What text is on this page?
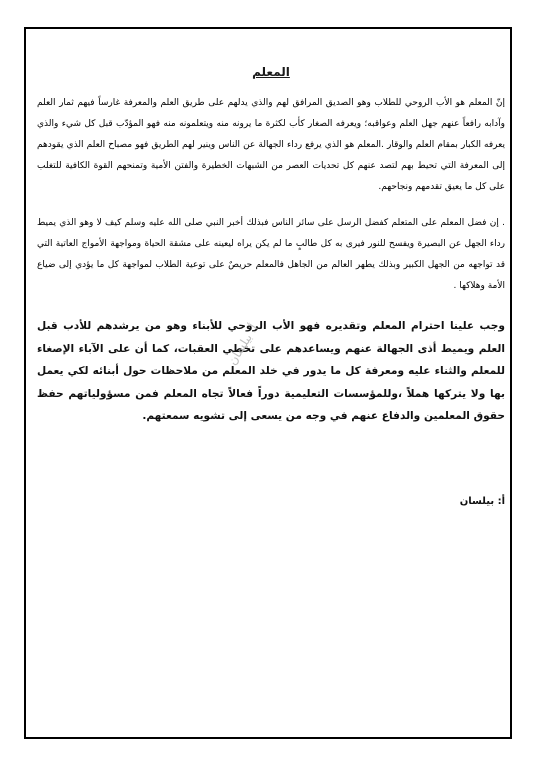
المعلم

إنّ المعلم هو الأب الروحي للطلاب وهو الصديق المرافق لهم والذي يدلهم على طريق العلم والمعرفة غارساً فيهم ثمار العلم وآدابه رافعاً عنهم جهل العلم وعواقبه؛ ويعرفه الصغار كأب لكثرة ما يرونه منه ويتعلمونه منه فهو المؤدّب قبل كل شيء والذي يعرفه الكبار بمقام العلم والوقار .المعلم هو الذي يرفع رداء الجهالة عن الناس وينير لهم الطريق فهو مصباح العلم الذي يقودهم إلى المعرفة التي تحيط بهم لتصد عنهم كل تحديات العصر من الشبهات الخطيرة والفتن الأمية وتمنحهم القوة الكافية للتغلب على كل ما يعيق تقدمهم ونجاحهم.

. إن فضل المعلم على المتعلم كفضل الرسل على سائر الناس فبذلك أخبر النبي صلى الله عليه وسلم كيف لا وهو الذي يميط رداء الجهل عن البصيرة ويفسح للنور فيرى به كل طالبٍ ما لم يكن يراه ليعينه على مشقة الحياة ومواجهة الأمواج العاتية التي قد تواجهه من الجهل الكبير وبذلك يطهر العالم من الجاهل فالمعلم حريصٌ على توعية الطلاب لمواجهة كل ما يؤدي إلى ضياع الأمة وهلاكها .

وجب علينا احترام المعلم وتقديره فهو الأب الروحي للأبناء وهو من يرشدهم للأدب قبل العلم ويميط أذى الجهالة عنهم ويساعدهم على تخطي العقبات، كما أن على الآباء الإصغاء للمعلم والثناء عليه ومعرفة كل ما يدور في خلد المعلم من ملاحظات حول أبنائه لكي يعمل بها ولا يتركها هملاً ،وللمؤسسات التعليمية دوراً فعالاً تجاه المعلم فمن مسؤولياتهم حفظ حقوق المعلمين والدفاع عنهم في وجه من يسعى إلى تشويه سمعتهم.

أ. بيلسان
أ: بيلسان
